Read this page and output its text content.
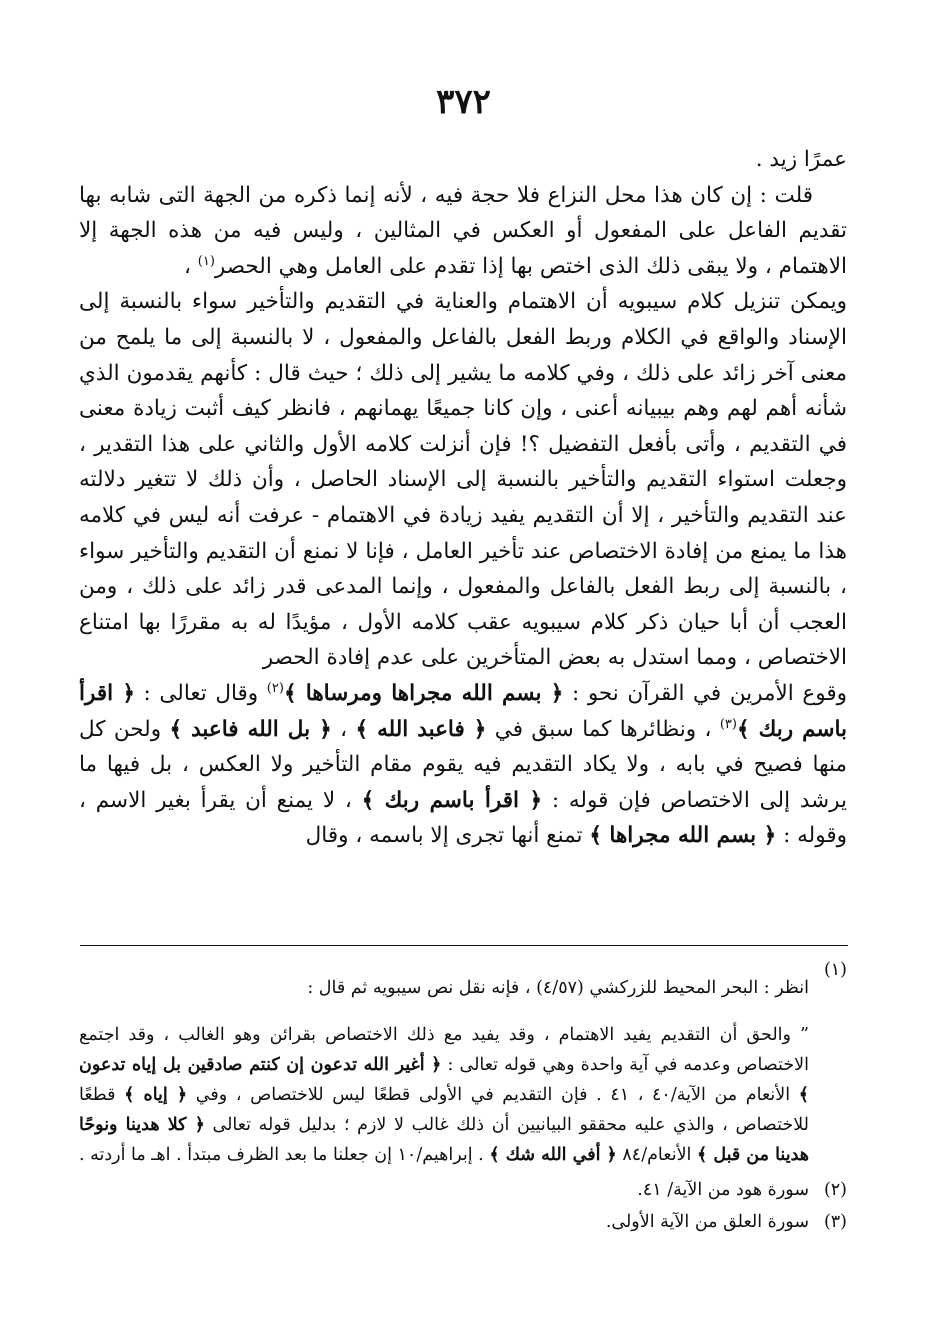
٣٧٢

عمرًا زيد .

قلت : إن كان هذا محل النزاع فلا حجة فيه ، لأنه إنما ذكره من الجهة التى شابه بها تقديم الفاعل على المفعول أو العكس في المثالين ، وليس فيه من هذه الجهة إلا الاهتمام ، ولا يبقى ذلك الذى اختص بها إذا تقدم على العامل وهي الحصر$^{(١)}$ ،

ويمكن تنزيل كلام سيبويه أن الاهتمام والعناية في التقديم والتأخير سواء بالنسبة إلى الإسناد والواقع في الكلام وربط الفعل بالفاعل والمفعول ، لا بالنسبة إلى ما يلمح من معنى آخر زائد على ذلك ، وفي كلامه ما يشير إلى ذلك ؛ حيث قال : كأنهم يقدمون الذي شأنه أهم لهم وهم بيبيانه أعنى ، وإن كانا جميعًا يهمانهم ، فانظر كيف أثبت زيادة معنى في التقديم ، وأتى بأفعل التفضيل ؟! فإن أنزلت كلامه الأول والثاني على هذا التقدير ، وجعلت استواء التقديم والتأخير بالنسبة إلى الإسناد الحاصل ، وأن ذلك لا تتغير دلالته عند التقديم والتأخير ، إلا أن التقديم يفيد زيادة في الاهتمام - عرفت أنه ليس في كلامه هذا ما يمنع من إفادة الاختصاص عند تأخير العامل ، فإنا لا نمنع أن التقديم والتأخير سواء ، بالنسبة إلى ربط الفعل بالفاعل والمفعول ، وإنما المدعى قدر زائد على ذلك ، ومن العجب أن أبا حيان ذكر كلام سيبويه عقب كلامه الأول ، مؤيدًا له به مقررًا بها امتناع الاختصاص ، ومما استدل به بعض المتأخرين على عدم إفادة الحصر

وقوع الأمرين في القرآن نحو : ﴿ بسم الله مجراها ومرساها ﴾$^{(٢)}$ وقال تعالى : ﴿ اقرأ باسم ربك ﴾$^{(٣)}$ ، ونظائرها كما سبق في ﴿ فاعبد الله ﴾ ، ﴿ بل الله فاعبد ﴾ ولحن كل منها فصيح في بابه ، ولا يكاد التقديم فيه يقوم مقام التأخير ولا العكس ، بل فيها ما يرشد إلى الاختصاص فإن قوله : ﴿ اقرأ باسم ربك ﴾ ، لا يمنع أن يقرأ بغير الاسم ، وقوله : ﴿ بسم الله مجراها ﴾ تمنع أنها تجرى إلا باسمه ، وقال

(١)

انظر : البحر المحيط للزركشي (٤/٥٧) ، فإنه نقل نص سيبويه ثم قال :

” والحق أن التقديم يفيد الاهتمام ، وقد يفيد مع ذلك الاختصاص بقرائن وهو الغالب ، وقد اجتمع الاختصاص وعدمه في آية واحدة وهي قوله تعالى : ﴿ أغير الله تدعون إن كنتم صادقين بل إياه تدعون ﴾ الأنعام من الآية/٤٠ ، ٤١ . فإن التقديم في الأولى قطعًا ليس للاختصاص ، وفي ﴿ إياه ﴾ قطعًا للاختصاص ، والذي عليه محققو البيانيين أن ذلك غالب لا لازم ؛ بدليل قوله تعالى ﴿ كلا هدينا ونوحًا هدينا من قبل ﴾ الأنعام/٨٤ ﴿ أفي الله شك ﴾ . إبراهيم/١٠ إن جعلنا ما بعد الظرف مبتدأ . اهـ ما أردته .

(٢)
سورة هود من الآية/ ٤١.
(٣)
سورة العلق من الآية الأولى.
